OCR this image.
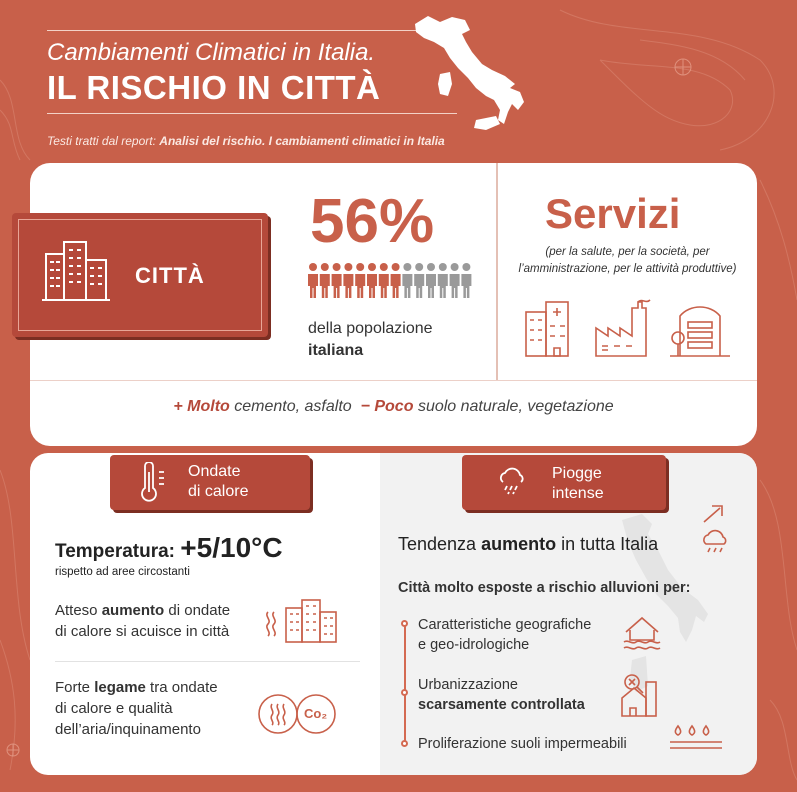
Cambiamenti Climatici in Italia.
IL RISCHIO IN CITTÀ
Testi tratti dal report: Analisi del rischio. I cambiamenti climatici in Italia
CITTÀ
56%
della popolazione
italiana
Servizi
(per la salute, per la società, per l’amministrazione, per le attività produttive)
+ Molto cemento, asfalto − Poco suolo naturale, vegetazione
Ondate
di calore
Piogge
intense
Temperatura: +5/10°C
rispetto ad aree circostanti
Atteso aumento di ondate
di calore si acuisce in città
Forte legame tra ondate
di calore e qualità
dell’aria/inquinamento
Co₂
Tendenza aumento in tutta Italia
Città molto esposte a rischio alluvioni per:
Caratteristiche geografiche
e geo-idrologiche
Urbanizzazione
scarsamente controllata
Proliferazione suoli impermeabili
